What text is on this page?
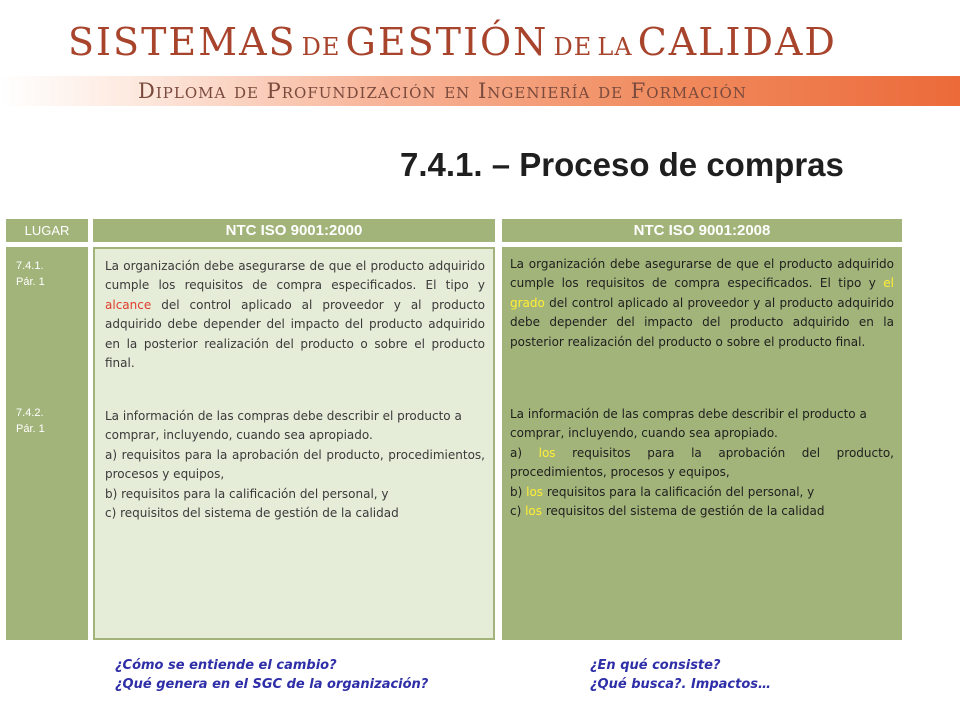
SISTEMAS DE GESTIÓN DE LA CALIDAD
Diploma de Profundización en Ingeniería de Formación
7.4.1. – Proceso de compras
LUGAR	NTC ISO 9001:2000	NTC ISO 9001:2008
7.4.1.
Pár. 1
7.4.2.
Pár. 1

La organización debe asegurarse de que el producto adquirido cumple los requisitos de compra especificados. El tipo y alcance del control aplicado al proveedor y al producto adquirido debe depender del impacto del producto adquirido en la posterior realización del producto o sobre el producto final.

La información de las compras debe describir el producto a

comprar, incluyendo, cuando sea apropiado.

a) requisitos para la aprobación del producto, procedimientos, procesos y equipos,

b) requisitos para la calificación del personal, y

c) requisitos del sistema de gestión de la calidad

La organización debe asegurarse de que el producto adquirido cumple los requisitos de compra especificados. El tipo y el grado del control aplicado al proveedor y al producto adquirido debe depender del impacto del producto adquirido en la posterior realización del producto o sobre el producto final.

La información de las compras debe describir el producto a

comprar, incluyendo, cuando sea apropiado.

a) los requisitos para la aprobación del producto, procedimientos, procesos y equipos,

b) los requisitos para la calificación del personal, y

c) los requisitos del sistema de gestión de la calidad

¿Cómo se entiende el cambio?
¿Qué genera en el SGC de la organización?
¿En qué consiste?
¿Qué busca?. Impactos…
